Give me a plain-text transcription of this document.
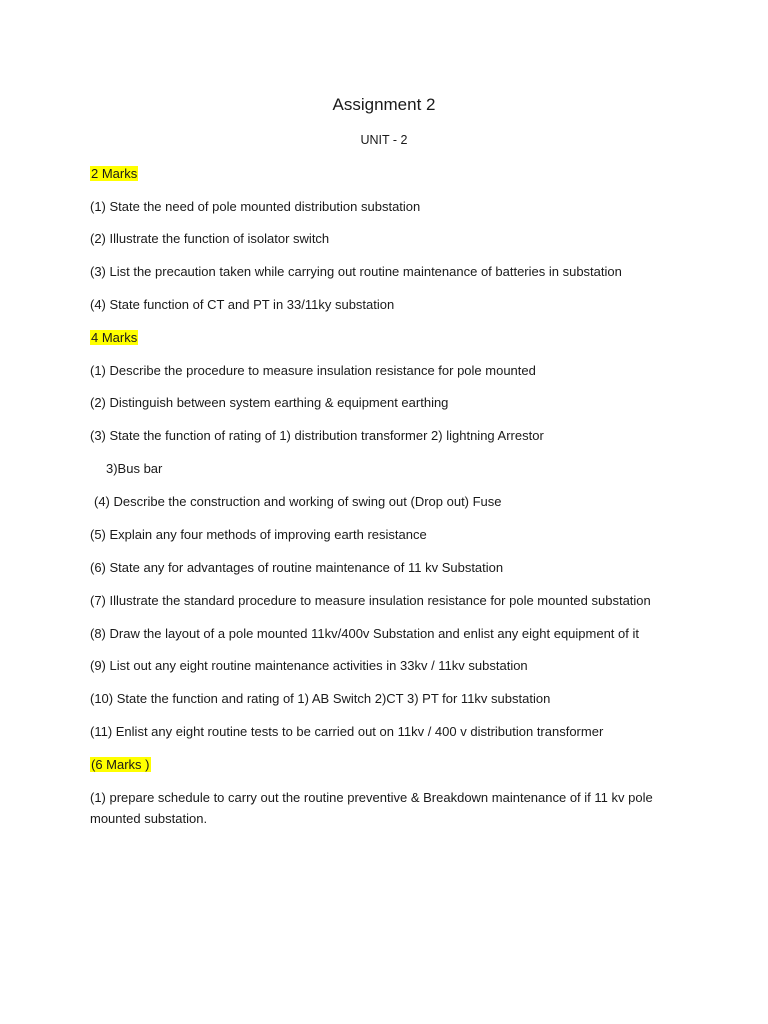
Assignment 2
UNIT - 2
2 Marks
(1) State the need of pole mounted distribution substation
(2) Illustrate the function of isolator switch
(3) List the precaution taken while carrying out routine maintenance of batteries in substation
(4) State function of CT and PT in 33/11ky substation
4 Marks
(1) Describe the procedure to measure insulation resistance for pole mounted
(2) Distinguish between system earthing & equipment earthing
(3) State the function of rating of 1) distribution transformer 2) lightning Arrestor
3)Bus bar
(4) Describe the construction and working of swing out (Drop out) Fuse
(5) Explain any four methods of improving earth resistance
(6) State any for advantages of routine maintenance of 11 kv Substation
(7) Illustrate the standard procedure to measure insulation resistance for pole mounted substation
(8) Draw the layout of a pole mounted 11kv/400v Substation and enlist any eight equipment of it
(9) List out any eight routine maintenance activities in 33kv / 11kv substation
(10) State the function and rating of 1) AB Switch 2)CT 3) PT for 11kv substation
(11) Enlist any eight routine tests to be carried out on 11kv / 400 v distribution transformer
(6 Marks )
(1) prepare schedule to carry out the routine preventive & Breakdown maintenance of if 11 kv pole mounted substation.
